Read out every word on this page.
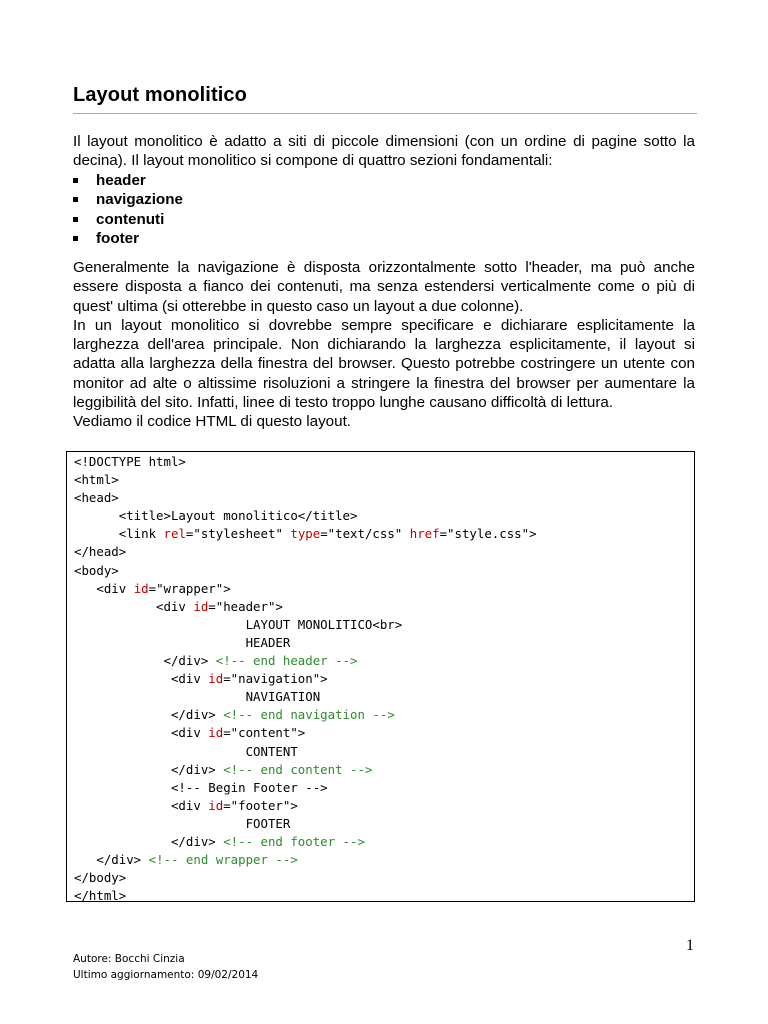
Layout monolitico

Il layout monolitico è adatto a siti di piccole dimensioni (con un ordine di pagine sotto la decina). Il layout monolitico si compone di quattro sezioni fondamentali:

header
navigazione
contenuti
footer
Generalmente la navigazione è disposta orizzontalmente sotto l'header, ma può anche essere disposta a fianco dei contenuti, ma senza estendersi verticalmente come o più di quest' ultima (si otterebbe in questo caso un layout a due colonne).
In un layout monolitico si dovrebbe sempre specificare e dichiarare esplicitamente la larghezza dell'area principale. Non dichiarando la larghezza esplicitamente, il layout si adatta alla larghezza della finestra del browser. Questo potrebbe costringere un utente con monitor ad alte o altissime risoluzioni a stringere la finestra del browser per aumentare la leggibilità del sito. Infatti, linee di testo troppo lunghe causano difficoltà di lettura.
Vediamo il codice HTML di questo layout.
<!DOCTYPE html>
<html>
<head>
<title>Layout monolitico</title>
<link rel="stylesheet" type="text/css" href="style.css">
</head>
<body>
<div id="wrapper">
<div id="header">
LAYOUT MONOLITICO<br>
HEADER
</div> <!-- end header -->
<div id="navigation">
NAVIGATION
</div> <!-- end navigation -->
<div id="content">
CONTENT
</div> <!-- end content -->
<!-- Begin Footer -->
<div id="footer">
FOOTER
</div> <!-- end footer -->
</div> <!-- end wrapper -->
</body>
</html>
1
Autore: Bocchi Cinzia
Ultimo aggiornamento: 09/02/2014
